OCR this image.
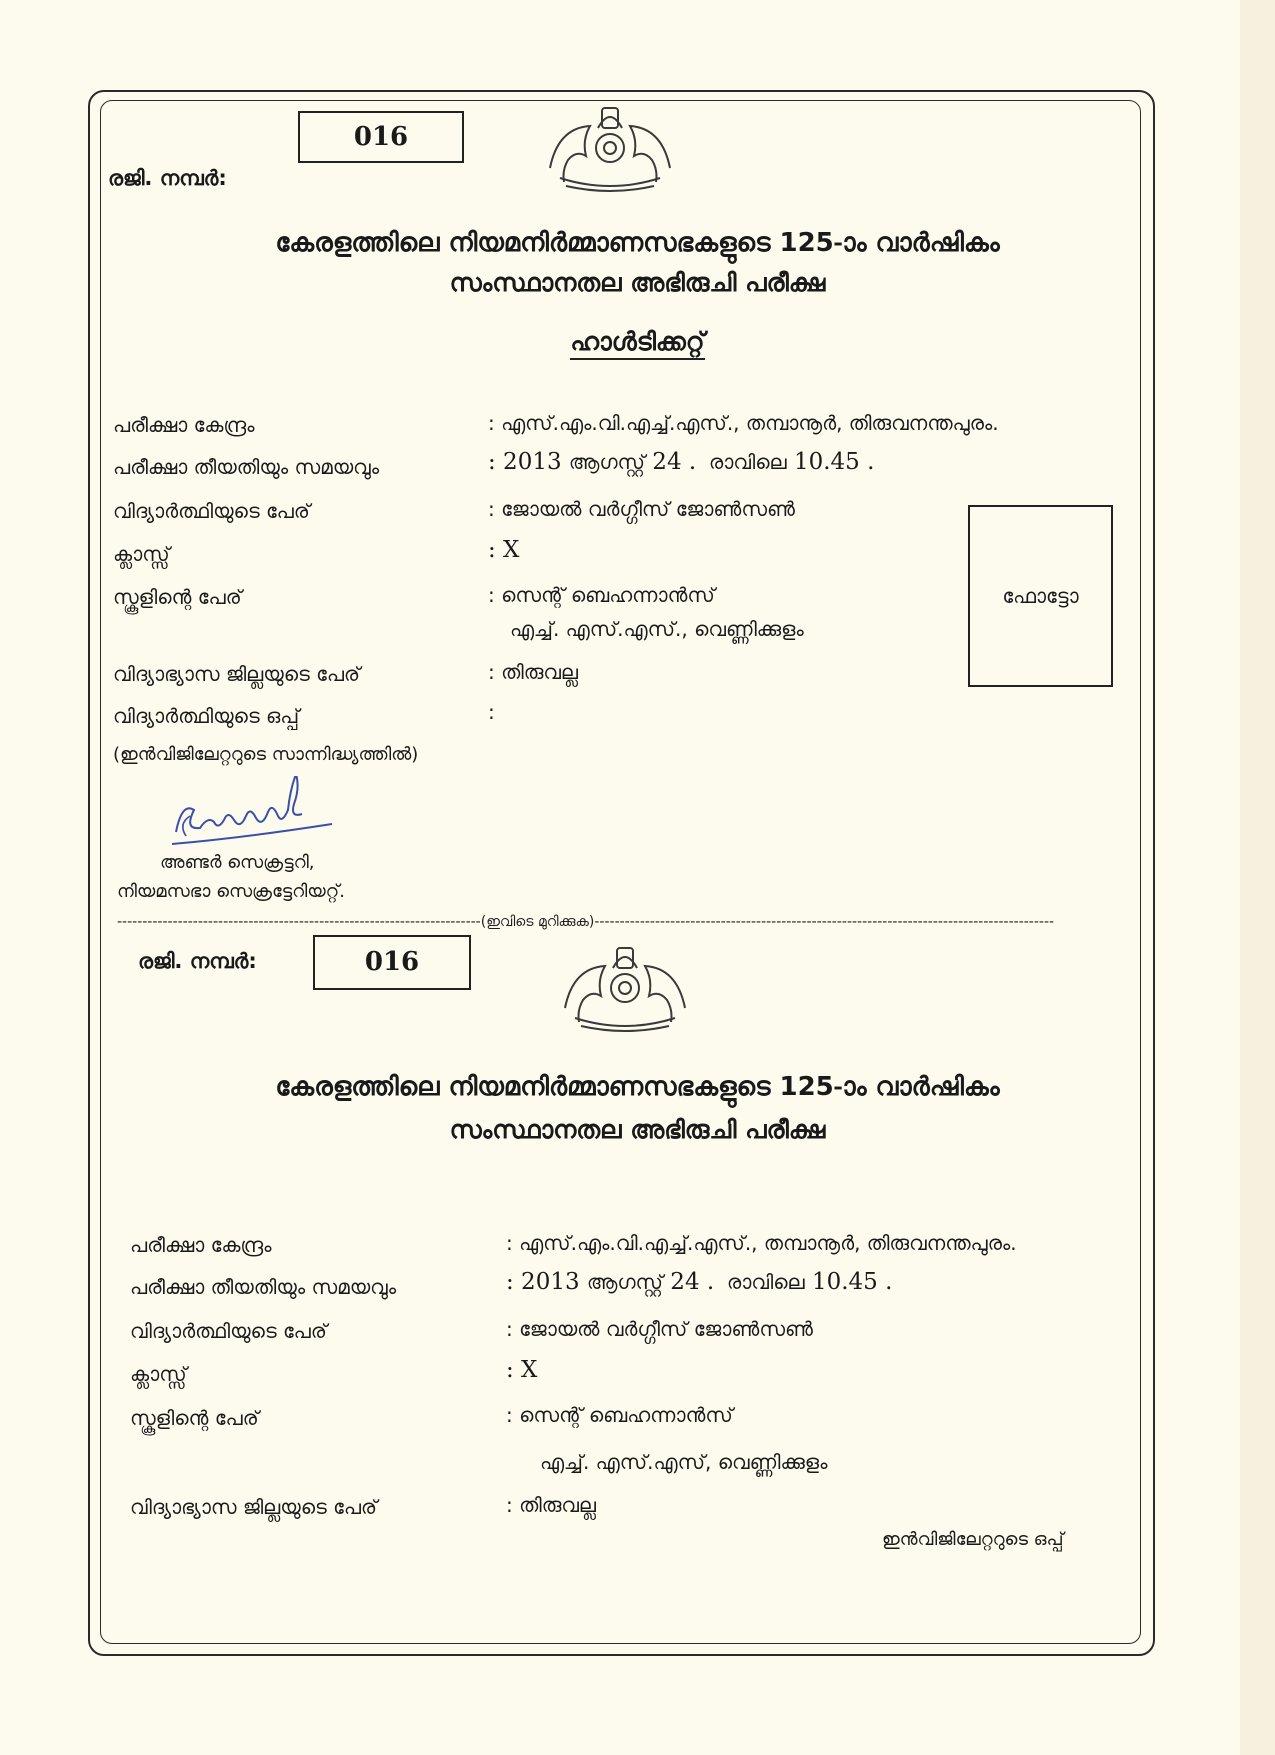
016
രജി. നമ്പർ:
കേരളത്തിലെ നിയമനിർമ്മാണസഭകളുടെ 125-ാം വാർഷികം
സംസ്ഥാനതല അഭിരുചി പരീക്ഷ
ഹാൾടിക്കറ്റ്
പരീക്ഷാ കേന്ദ്രം	: എസ്.എം.വി.എച്ച്.എസ്., തമ്പാനൂർ, തിരുവനന്തപുരം.
പരീക്ഷാ തീയതിയും സമയവും	: 2013 ആഗസ്റ്റ് 24 . രാവിലെ 10.45 .
വിദ്യാർത്ഥിയുടെ പേര്	: ജോയൽ വർഗ്ഗീസ് ജോൺസൺ
ക്ലാസ്സ്	: X
സ്കൂളിന്റെ പേര്	: സെന്റ് ബെഹന്നാൻസ്
എച്ച്. എസ്.എസ്., വെണ്ണിക്കുളം
വിദ്യാഭ്യാസ ജില്ലയുടെ പേര്	: തിരുവല്ല
വിദ്യാർത്ഥിയുടെ ഒപ്പ്	:
(ഇൻവിജിലേറ്ററുടെ സാന്നിദ്ധ്യത്തിൽ)
ഫോട്ടോ
അണ്ടർ സെക്രട്ടറി,
നിയമസഭാ സെക്രട്ടേറിയറ്റ്.
------------------------------------------------------------------------(ഇവിടെ മുറിക്കുക)-------------------------------------------------------------------------------------------
രജി. നമ്പർ:	016
കേരളത്തിലെ നിയമനിർമ്മാണസഭകളുടെ 125-ാം വാർഷികം
സംസ്ഥാനതല അഭിരുചി പരീക്ഷ
പരീക്ഷാ കേന്ദ്രം	: എസ്.എം.വി.എച്ച്.എസ്., തമ്പാനൂർ, തിരുവനന്തപുരം.
പരീക്ഷാ തീയതിയും സമയവും	: 2013 ആഗസ്റ്റ് 24 . രാവിലെ 10.45 .
വിദ്യാർത്ഥിയുടെ പേര്	: ജോയൽ വർഗ്ഗീസ് ജോൺസൺ
ക്ലാസ്സ്	: X
സ്കൂളിന്റെ പേര്	: സെന്റ് ബെഹന്നാൻസ്
എച്ച്. എസ്.എസ്, വെണ്ണിക്കുളം
വിദ്യാഭ്യാസ ജില്ലയുടെ പേര്	: തിരുവല്ല
ഇൻവിജിലേറ്ററുടെ ഒപ്പ്
